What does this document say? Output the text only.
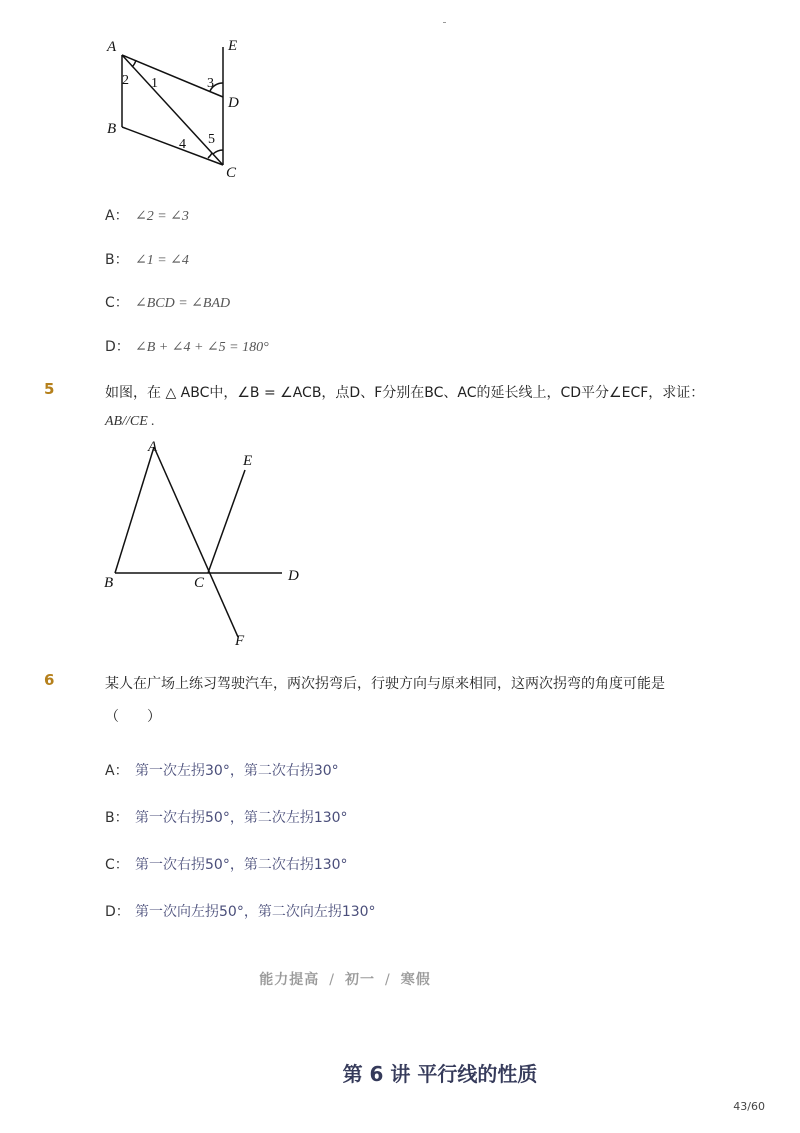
A	E
B
D
C
2 1	3
4 5
A： ∠2 = ∠3
B： ∠1 = ∠4
C： ∠BCD = ∠BAD
D： ∠B + ∠4 + ∠5 = 180°
5	如图，在 △ ABC中，∠B = ∠ACB，点D、F分别在BC、AC的延长线上，CD平分∠ECF，求证：
AB//CE .
A
E
B	C	D
F
6	某人在广场上练习驾驶汽车，两次拐弯后，行驶方向与原来相同，这两次拐弯的角度可能是
（　　）
A： 第一次左拐30°，第二次右拐30°
B： 第一次右拐50°，第二次左拐130°
C： 第一次右拐50°，第二次右拐130°
D： 第一次向左拐50°，第二次向左拐130°
能力提高 / 初一 / 寒假
第 6 讲 平行线的性质
43/60
